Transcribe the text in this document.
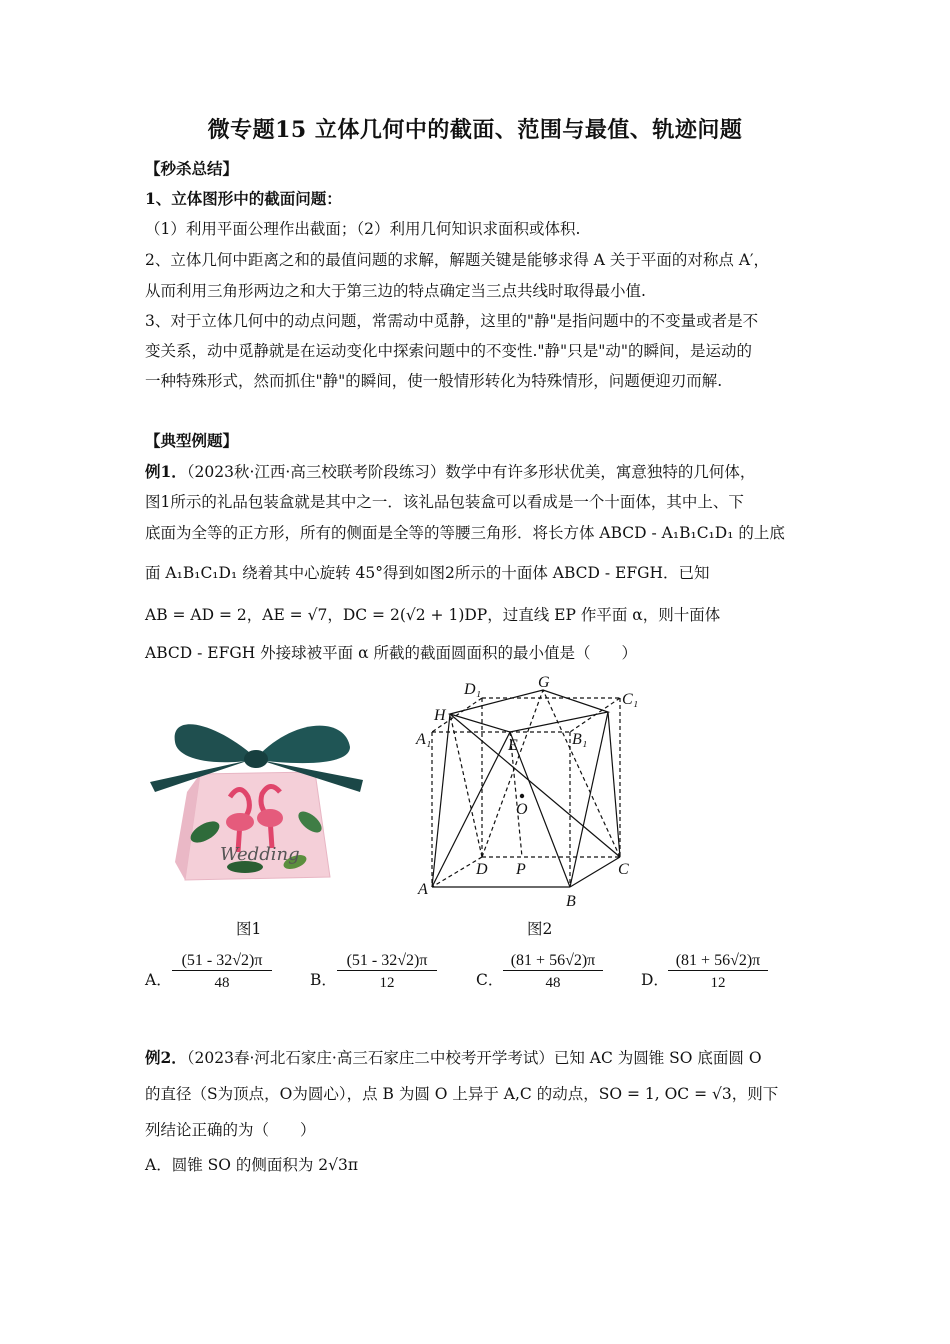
微专题15 立体几何中的截面、范围与最值、轨迹问题
【秒杀总结】
1、立体图形中的截面问题：
（1）利用平面公理作出截面；（2）利用几何知识求面积或体积.
2、立体几何中距离之和的最值问题的求解，解题关键是能够求得 A 关于平面的对称点 A′，
从而利用三角形两边之和大于第三边的特点确定当三点共线时取得最小值.
3、对于立体几何中的动点问题，常需动中觅静，这里的"静"是指问题中的不变量或者是不
变关系，动中觅静就是在运动变化中探索问题中的不变性."静"只是"动"的瞬间，是运动的
一种特殊形式，然而抓住"静"的瞬间，使一般情形转化为特殊情形，问题便迎刃而解.
【典型例题】
例1．（2023秋·江西·高三校联考阶段练习）数学中有许多形状优美，寓意独特的几何体，
图1所示的礼品包装盒就是其中之一．该礼品包装盒可以看成是一个十面体，其中上、下
底面为全等的正方形，所有的侧面是全等的等腰三角形．将长方体 ABCD - A₁B₁C₁D₁ 的上底
面 A₁B₁C₁D₁ 绕着其中心旋转 45°得到如图2所示的十面体 ABCD - EFGH．已知
AB = AD = 2，AE = √7，DC = 2(√2 + 1)DP，过直线 EP 作平面 α，则十面体
ABCD - EFGH 外接球被平面 α 所截的截面圆面积的最小值是（　　）
Wedding
图1
D₁	G
C₁
H
A₁	E	B₁
O
D P	C
A
B
图2
A． $\frac{(51 - 32√2)\pi}{48}$ B． $\frac{(51 - 32√2)\pi}{12}$	C． $\frac{(81 + 56√2)\pi}{48}$ D． $\frac{(81 + 56√2)\pi}{12}$
例2．（2023春·河北石家庄·高三石家庄二中校考开学考试）已知 AC 为圆锥 SO 底面圆 O
的直径（S为顶点，O为圆心），点 B 为圆 O 上异于 A,C 的动点，SO = 1, OC = √3，则下
列结论正确的为（　　）
A．圆锥 SO 的侧面积为 2√3π
